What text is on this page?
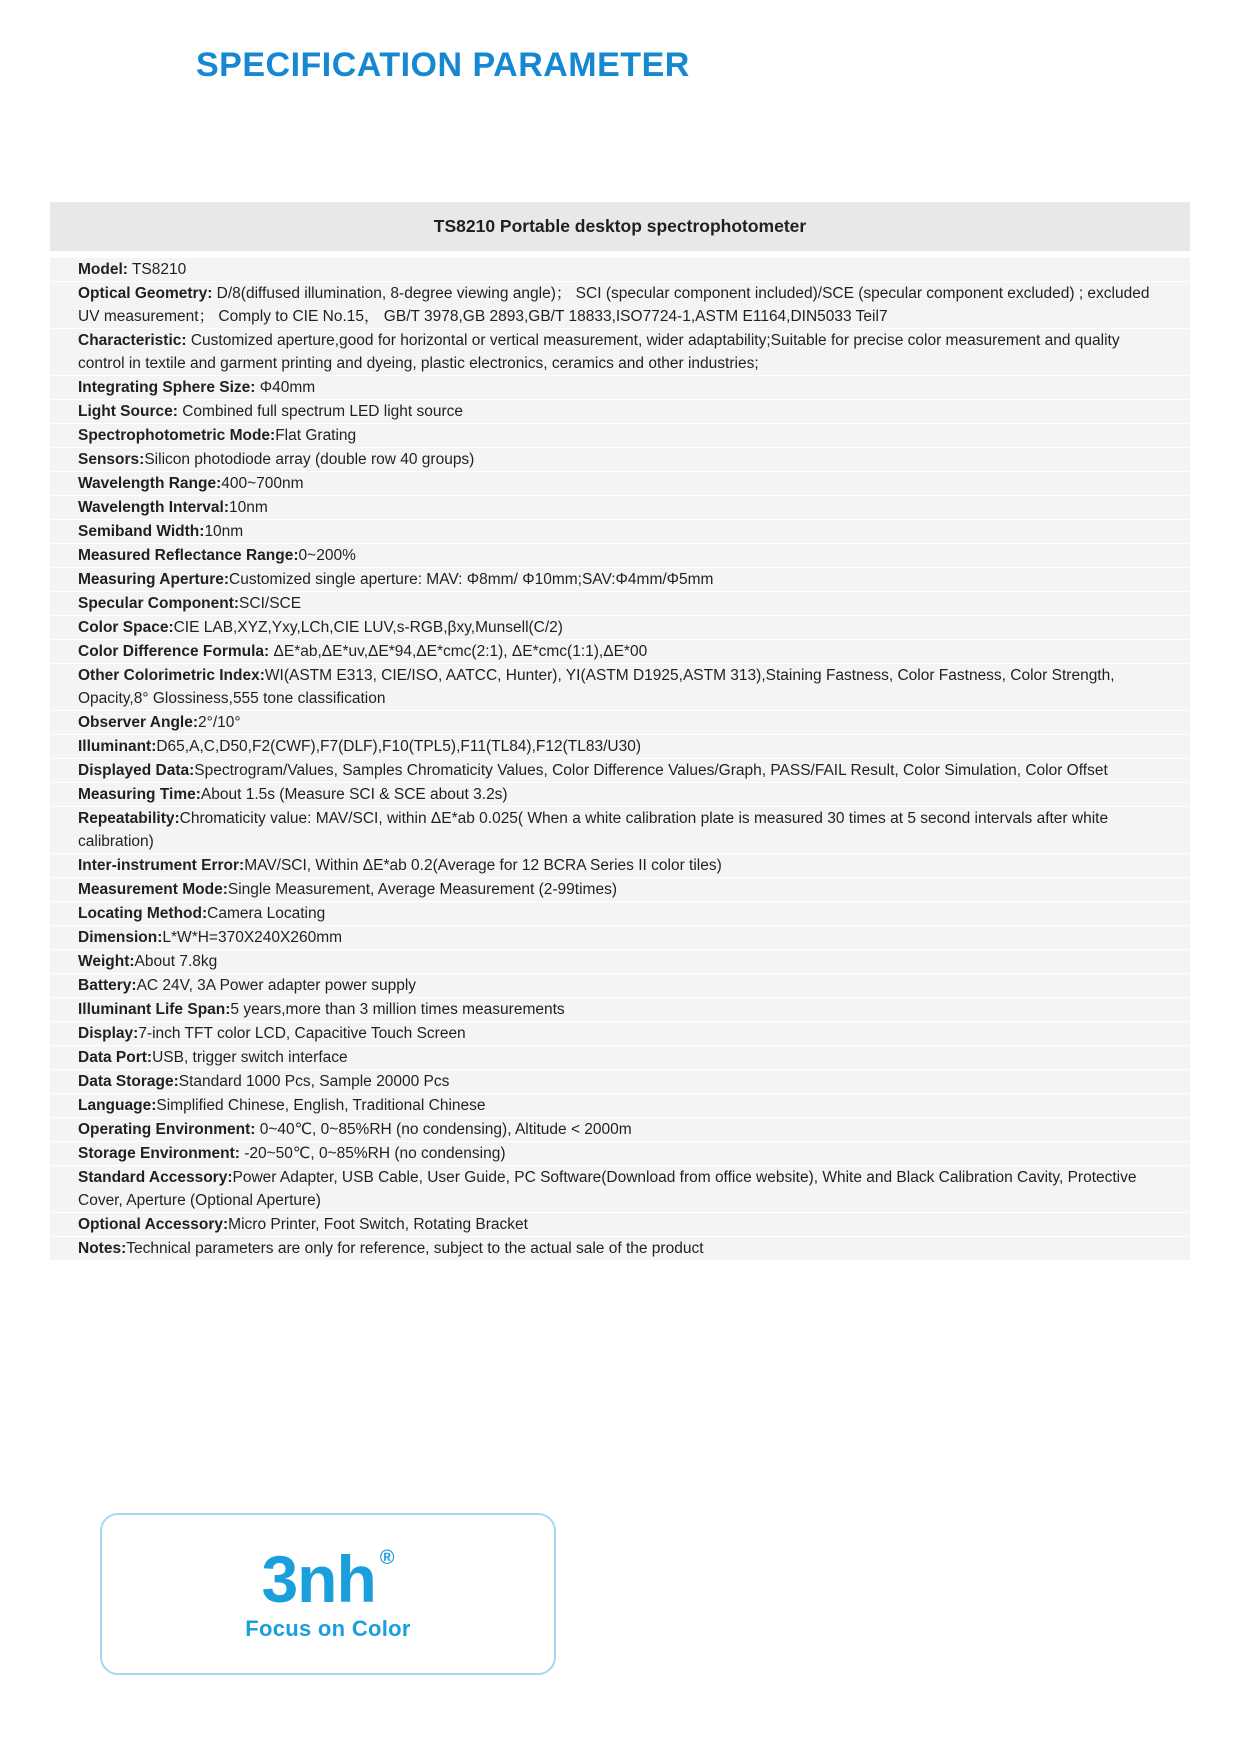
SPECIFICATION PARAMETER
TS8210 Portable desktop spectrophotometer
Model: TS8210
Optical Geometry: D/8(diffused illumination, 8-degree viewing angle)； SCI (specular component included)/SCE (specular component excluded) ; excluded UV measurement； Comply to CIE No.15， GB/T 3978,GB 2893,GB/T 18833,ISO7724-1,ASTM E1164,DIN5033 Teil7
Characteristic: Customized aperture,good for horizontal or vertical measurement, wider adaptability;Suitable for precise color measurement and quality control in textile and garment printing and dyeing, plastic electronics, ceramics and other industries;
Integrating Sphere Size: Φ40mm
Light Source: Combined full spectrum LED light source
Spectrophotometric Mode:Flat Grating
Sensors:Silicon photodiode array (double row 40 groups)
Wavelength Range:400~700nm
Wavelength Interval:10nm
Semiband Width:10nm
Measured Reflectance Range:0~200%
Measuring Aperture:Customized single aperture: MAV: Φ8mm/ Φ10mm;SAV:Φ4mm/Φ5mm
Specular Component:SCI/SCE
Color Space:CIE LAB,XYZ,Yxy,LCh,CIE LUV,s-RGB,βxy,Munsell(C/2)
Color Difference Formula: ΔE*ab,ΔE*uv,ΔE*94,ΔE*cmc(2:1), ΔE*cmc(1:1),ΔE*00
Other Colorimetric Index:WI(ASTM E313, CIE/ISO, AATCC, Hunter), YI(ASTM D1925,ASTM 313),Staining Fastness, Color Fastness, Color Strength, Opacity,8° Glossiness,555 tone classification
Observer Angle:2°/10°
Illuminant:D65,A,C,D50,F2(CWF),F7(DLF),F10(TPL5),F11(TL84),F12(TL83/U30)
Displayed Data:Spectrogram/Values, Samples Chromaticity Values, Color Difference Values/Graph, PASS/FAIL Result, Color Simulation, Color Offset
Measuring Time:About 1.5s (Measure SCI & SCE about 3.2s)
Repeatability:Chromaticity value: MAV/SCI, within ΔE*ab 0.025( When a white calibration plate is measured 30 times at 5 second intervals after white calibration)
Inter-instrument Error:MAV/SCI, Within ΔE*ab 0.2(Average for 12 BCRA Series II color tiles)
Measurement Mode:Single Measurement, Average Measurement (2-99times)
Locating Method:Camera Locating
Dimension:L*W*H=370X240X260mm
Weight:About 7.8kg
Battery:AC 24V, 3A Power adapter power supply
Illuminant Life Span:5 years,more than 3 million times measurements
Display:7-inch TFT color LCD, Capacitive Touch Screen
Data Port:USB, trigger switch interface
Data Storage:Standard 1000 Pcs, Sample 20000 Pcs
Language:Simplified Chinese, English, Traditional Chinese
Operating Environment: 0~40℃, 0~85%RH (no condensing), Altitude < 2000m
Storage Environment: -20~50℃, 0~85%RH (no condensing)
Standard Accessory:Power Adapter, USB Cable, User Guide, PC Software(Download from office website), White and Black Calibration Cavity, Protective Cover, Aperture (Optional Aperture)
Optional Accessory:Micro Printer, Foot Switch, Rotating Bracket
Notes:Technical parameters are only for reference, subject to the actual sale of the product
3nh ®
Focus on Color
